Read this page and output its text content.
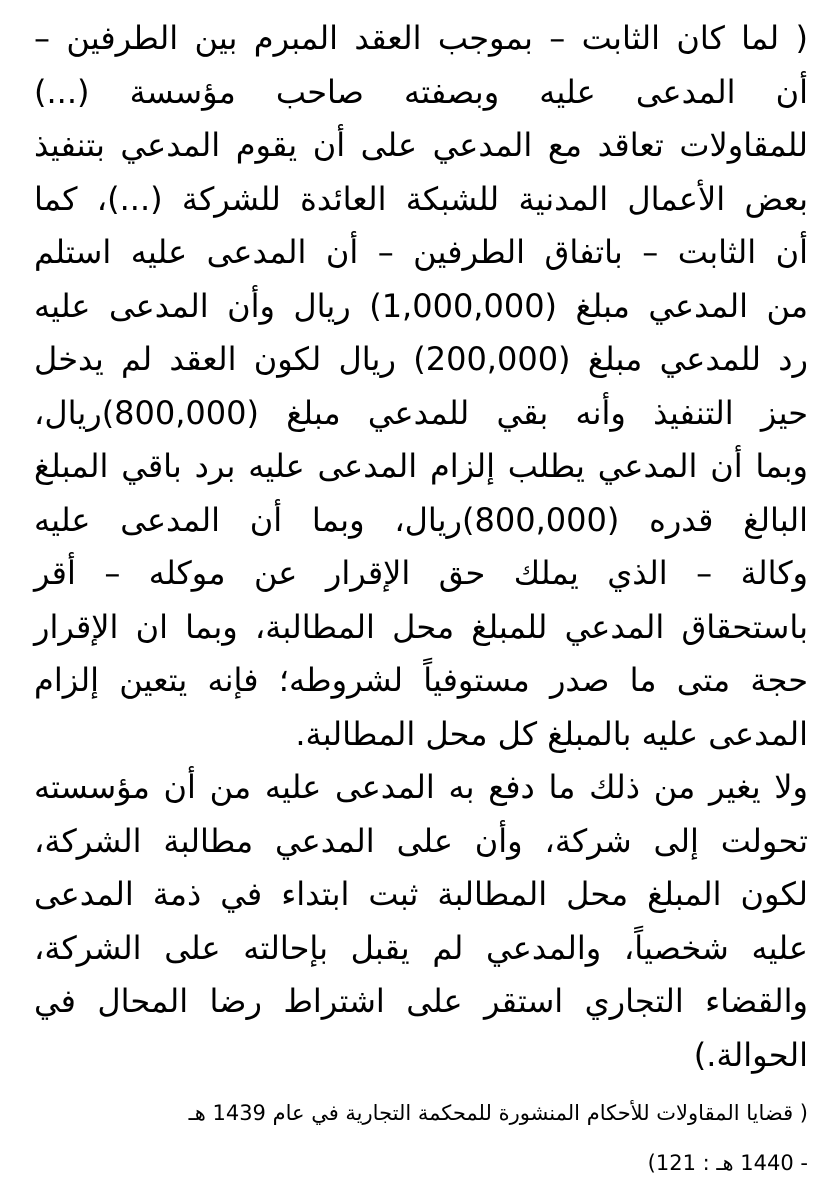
( لما كان الثابت – بموجب العقد المبرم بين الطرفين –
أن المدعى عليه وبصفته صاحب مؤسسة (...)
للمقاولات تعاقد مع المدعي على أن يقوم المدعي بتنفيذ
بعض الأعمال المدنية للشبكة العائدة للشركة (...)، كما
أن الثابت – باتفاق الطرفين – أن المدعى عليه استلم
من المدعي مبلغ (1,000,000) ريال وأن المدعى عليه
رد للمدعي مبلغ (200,000) ريال لكون العقد لم يدخل
حيز التنفيذ وأنه بقي للمدعي مبلغ (800,000)ريال،
وبما أن المدعي يطلب إلزام المدعى عليه برد باقي المبلغ
البالغ قدره (800,000)ريال، وبما أن المدعى عليه
وكالة – الذي يملك حق الإقرار عن موكله – أقر
باستحقاق المدعي للمبلغ محل المطالبة، وبما ان الإقرار
حجة متى ما صدر مستوفياً لشروطه؛ فإنه يتعين إلزام
المدعى عليه بالمبلغ كل محل المطالبة.

ولا يغير من ذلك ما دفع به المدعى عليه من أن مؤسسته
تحولت إلى شركة، وأن على المدعي مطالبة الشركة،
لكون المبلغ محل المطالبة ثبت ابتداء في ذمة المدعى
عليه شخصياً، والمدعي لم يقبل بإحالته على الشركة،
والقضاء التجاري استقر على اشتراط رضا المحال في
الحوالة.)

( قضايا المقاولات للأحكام المنشورة للمحكمة التجارية في عام 1439 هـ
- 1440 هـ : 121)
